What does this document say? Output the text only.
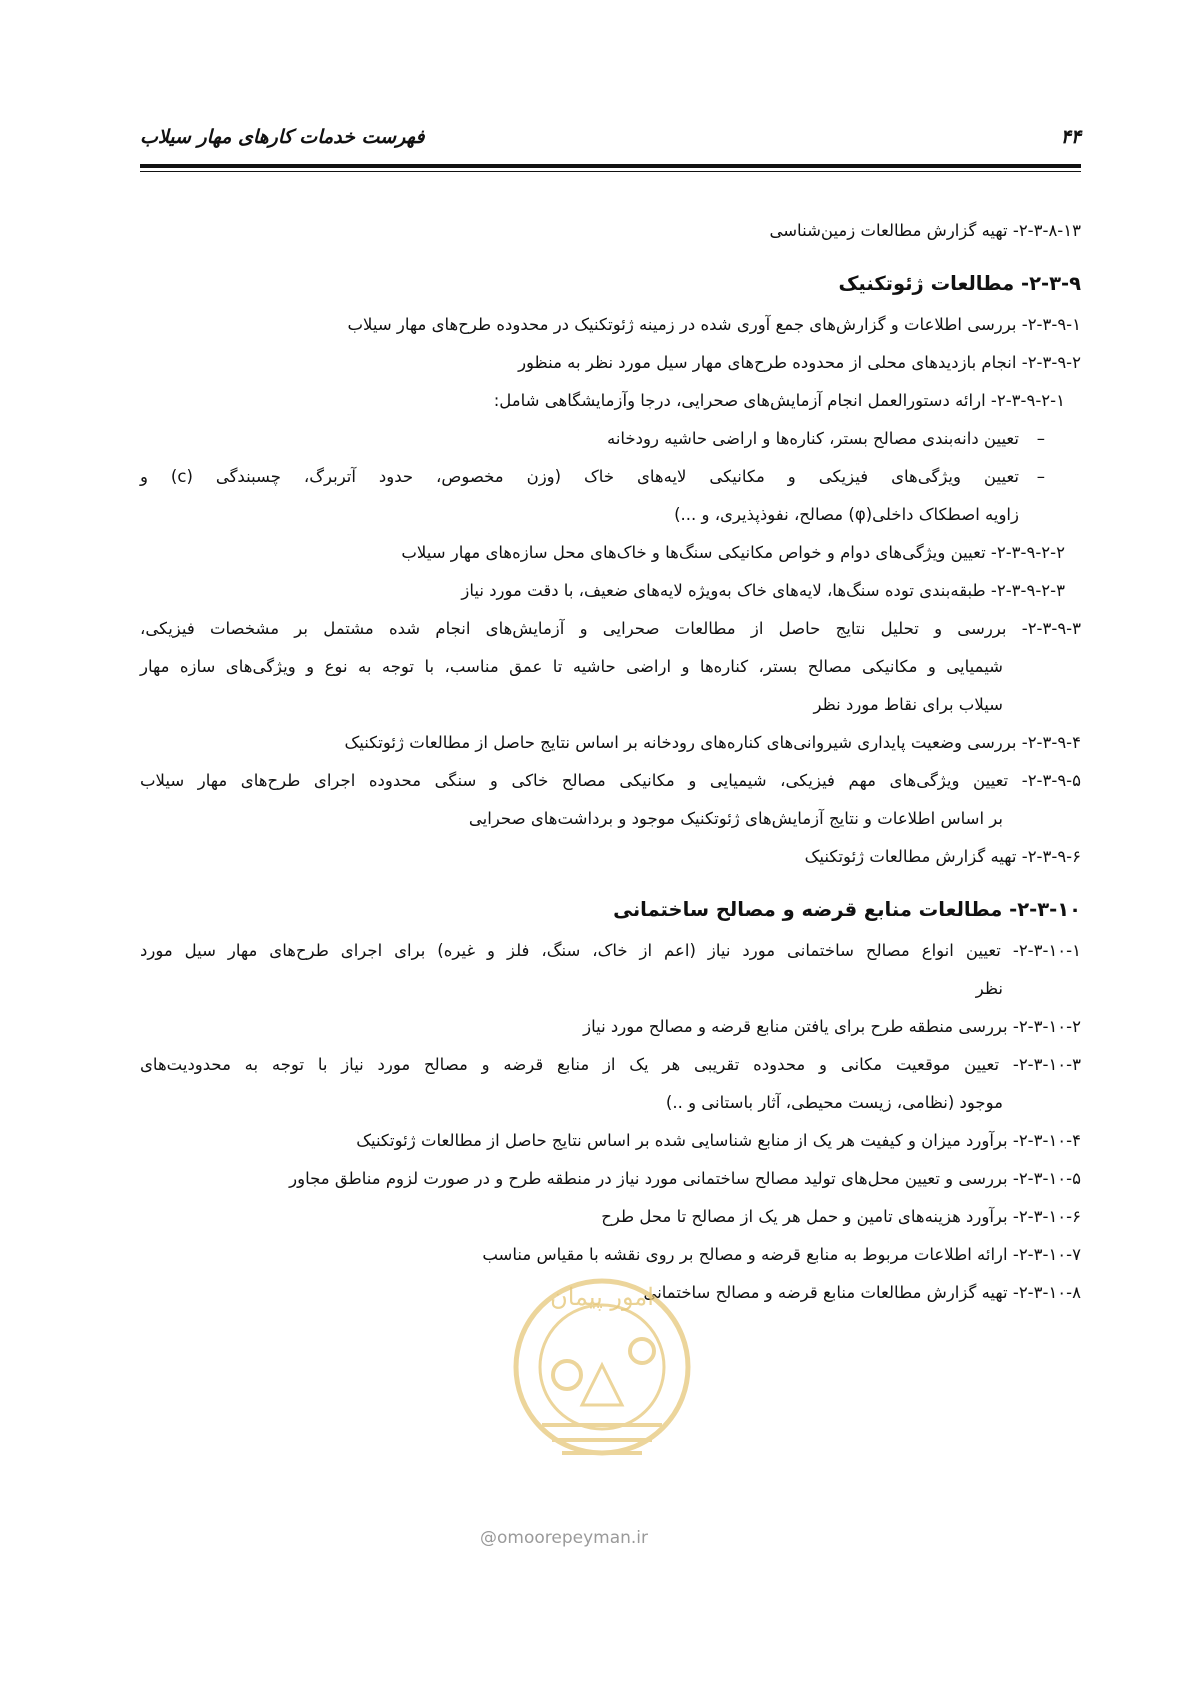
۴۴
فهرست خدمات کارهای مهار سیلاب
۲-۳-۸-۱۳- تهیه گزارش مطالعات زمین‌شناسی
۲-۳-۹- مطالعات ژئوتکنیک
۲-۳-۹-۱- بررسی اطلاعات و گزارش‌های جمع آوری شده در زمینه ژئوتکنیک در محدوده طرح‌های مهار سیلاب
۲-۳-۹-۲- انجام بازدیدهای محلی از محدوده طرح‌های مهار سیل مورد نظر به منظور
۲-۳-۹-۲-۱- ارائه دستورالعمل انجام آزمایش‌های صحرایی، درجا وآزمایشگاهی شامل:
–تعیین دانه‌بندی مصالح بستر، کناره‌ها و اراضی حاشیه رودخانه
–تعیین ویژگی‌های فیزیکی و مکانیکی لایه‌های خاک (وزن مخصوص، حدود آتربرگ، چسبندگی (c) و
زاویه اصطکاک داخلی(φ) مصالح، نفوذپذیری، و ...)
۲-۳-۹-۲-۲- تعیین ویژگی‌های دوام و خواص مکانیکی سنگ‌ها و خاک‌های محل سازه‌های مهار سیلاب
۲-۳-۹-۲-۳- طبقه‌بندی توده سنگ‌ها، لایه‌های خاک به‌ویژه لایه‌های ضعیف، با دقت مورد نیاز
۲-۳-۹-۳- بررسی و تحلیل نتایج حاصل از مطالعات صحرایی و آزمایش‌های انجام شده مشتمل بر مشخصات فیزیکی،
شیمیایی و مکانیکی مصالح بستر، کناره‌ها و اراضی حاشیه تا عمق مناسب، با توجه به نوع و ویژگی‌های سازه مهار
سیلاب برای نقاط مورد نظر
۲-۳-۹-۴- بررسی وضعیت پایداری شیروانی‌های کناره‌های رودخانه بر اساس نتایج حاصل از مطالعات ژئوتکنیک
۲-۳-۹-۵- تعیین ویژگی‌های مهم فیزیکی، شیمیایی و مکانیکی مصالح خاکی و سنگی محدوده اجرای طرح‌های مهار سیلاب
بر اساس اطلاعات و نتایج آزمایش‌های ژئوتکنیک موجود و برداشت‌های صحرایی
۲-۳-۹-۶- تهیه گزارش مطالعات ژئوتکنیک
۲-۳-۱۰- مطالعات منابع قرضه و مصالح ساختمانی
۲-۳-۱۰-۱- تعیین انواع مصالح ساختمانی مورد نیاز (اعم از خاک، سنگ، فلز و غیره) برای اجرای طرح‌های مهار سیل مورد
نظر
۲-۳-۱۰-۲- بررسی منطقه طرح برای یافتن منابع قرضه و مصالح مورد نیاز
۲-۳-۱۰-۳- تعیین موقعیت مکانی و محدوده تقریبی هر یک از منابع قرضه و مصالح مورد نیاز با توجه به محدودیت‌های
موجود (نظامی، زیست محیطی، آثار باستانی و ..)
۲-۳-۱۰-۴- برآورد میزان و کیفیت هر یک از منابع شناسایی شده بر اساس نتایج حاصل از مطالعات ژئوتکنیک
۲-۳-۱۰-۵- بررسی و تعیین محل‌های تولید مصالح ساختمانی مورد نیاز در منطقه طرح و در صورت لزوم مناطق مجاور
۲-۳-۱۰-۶- برآورد هزینه‌های تامین و حمل هر یک از مصالح تا محل طرح
۲-۳-۱۰-۷- ارائه اطلاعات مربوط به منابع قرضه و مصالح بر روی نقشه با مقیاس مناسب
۲-۳-۱۰-۸- تهیه گزارش مطالعات منابع قرضه و مصالح ساختمانی
امور پیمان
@omoorepeyman.ir
